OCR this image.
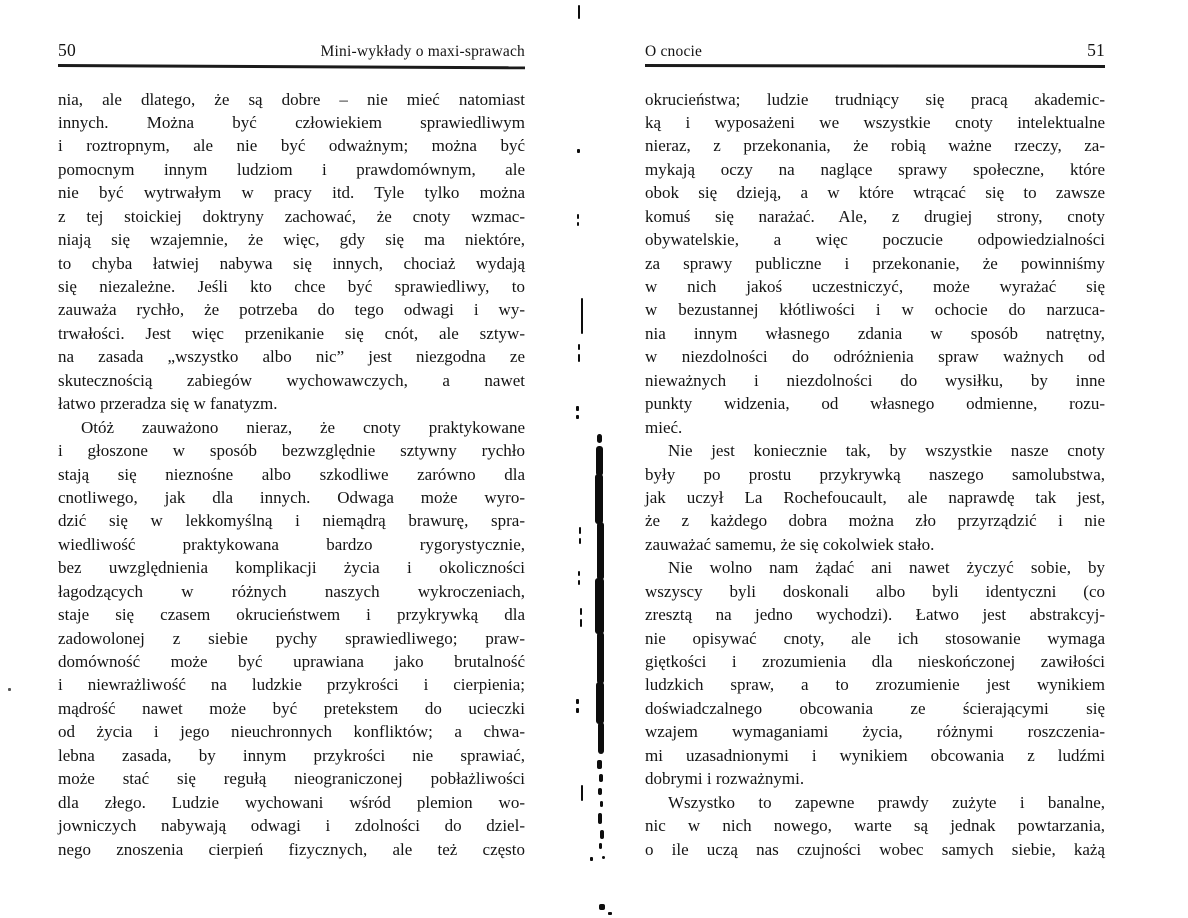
50	Mini-wykłady o maxi-sprawach
nia, ale dlatego, że są dobre – nie mieć natomiast
innych. Można być człowiekiem sprawiedliwym
i roztropnym, ale nie być odważnym; można być
pomocnym innym ludziom i prawdomównym, ale
nie być wytrwałym w pracy itd. Tyle tylko można
z tej stoickiej doktryny zachować, że cnoty wzmac-
niają się wzajemnie, że więc, gdy się ma niektóre,
to chyba łatwiej nabywa się innych, chociaż wydają
się niezależne. Jeśli kto chce być sprawiedliwy, to
zauważa rychło, że potrzeba do tego odwagi i wy-
trwałości. Jest więc przenikanie się cnót, ale sztyw-
na zasada „wszystko albo nic” jest niezgodna ze
skutecznością zabiegów wychowawczych, a nawet
łatwo przeradza się w fanatyzm.
Otóż zauważono nieraz, że cnoty praktykowane
i głoszone w sposób bezwzględnie sztywny rychło
stają się nieznośne albo szkodliwe zarówno dla
cnotliwego, jak dla innych. Odwaga może wyro-
dzić się w lekkomyślną i niemądrą brawurę, spra-
wiedliwość praktykowana bardzo rygorystycznie,
bez uwzględnienia komplikacji życia i okoliczności
łagodzących w różnych naszych wykroczeniach,
staje się czasem okrucieństwem i przykrywką dla
zadowolonej z siebie pychy sprawiedliwego; praw-
domówność może być uprawiana jako brutalność
i niewrażliwość na ludzkie przykrości i cierpienia;
mądrość nawet może być pretekstem do ucieczki
od życia i jego nieuchronnych konfliktów; a chwa-
lebna zasada, by innym przykrości nie sprawiać,
może stać się regułą nieograniczonej pobłażliwości
dla złego. Ludzie wychowani wśród plemion wo-
jowniczych nabywają odwagi i zdolności do dziel-
nego znoszenia cierpień fizycznych, ale też często
O cnocie	51
okrucieństwa; ludzie trudniący się pracą akademic-
ką i wyposażeni we wszystkie cnoty intelektualne
nieraz, z przekonania, że robią ważne rzeczy, za-
mykają oczy na naglące sprawy społeczne, które
obok się dzieją, a w które wtrącać się to zawsze
komuś się narażać. Ale, z drugiej strony, cnoty
obywatelskie, a więc poczucie odpowiedzialności
za sprawy publiczne i przekonanie, że powinniśmy
w nich jakoś uczestniczyć, może wyrażać się
w bezustannej kłótliwości i w ochocie do narzuca-
nia innym własnego zdania w sposób natrętny,
w niezdolności do odróżnienia spraw ważnych od
nieważnych i niezdolności do wysiłku, by inne
punkty widzenia, od własnego odmienne, rozu-
mieć.
Nie jest koniecznie tak, by wszystkie nasze cnoty
były po prostu przykrywką naszego samolubstwa,
jak uczył La Rochefoucault, ale naprawdę tak jest,
że z każdego dobra można zło przyrządzić i nie
zauważać samemu, że się cokolwiek stało.
Nie wolno nam żądać ani nawet życzyć sobie, by
wszyscy byli doskonali albo byli identyczni (co
zresztą na jedno wychodzi). Łatwo jest abstrakcyj-
nie opisywać cnoty, ale ich stosowanie wymaga
giętkości i zrozumienia dla nieskończonej zawiłości
ludzkich spraw, a to zrozumienie jest wynikiem
doświadczalnego obcowania ze ścierającymi się
wzajem wymaganiami życia, różnymi roszczenia-
mi uzasadnionymi i wynikiem obcowania z ludźmi
dobrymi i rozważnymi.
Wszystko to zapewne prawdy zużyte i banalne,
nic w nich nowego, warte są jednak powtarzania,
o ile uczą nas czujności wobec samych siebie, każą
